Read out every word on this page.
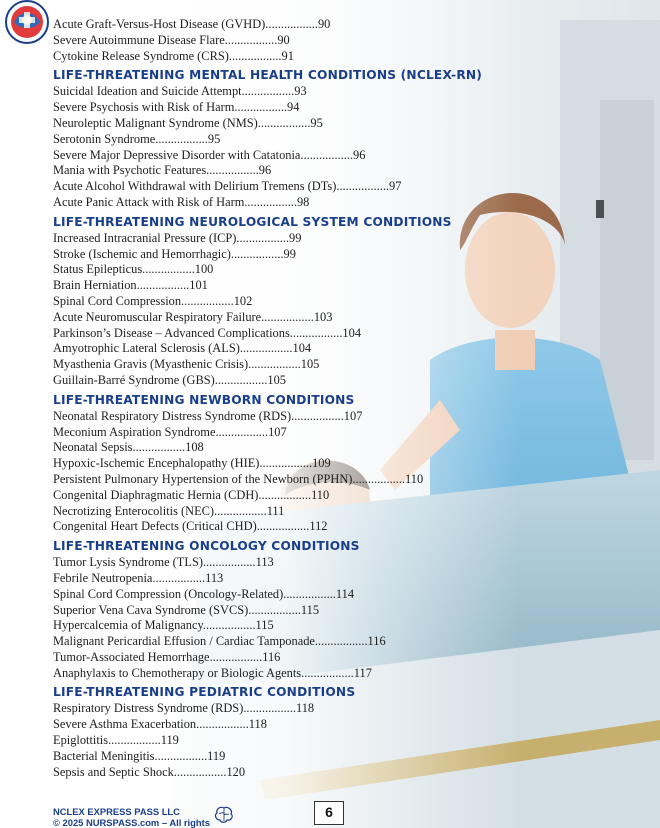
Acute Graft-Versus-Host Disease (GVHD).................90
Severe Autoimmune Disease Flare.................90
Cytokine Release Syndrome (CRS).................91
LIFE-THREATENING MENTAL HEALTH CONDITIONS (NCLEX-RN)
Suicidal Ideation and Suicide Attempt.................93
Severe Psychosis with Risk of Harm.................94
Neuroleptic Malignant Syndrome (NMS).................95
Serotonin Syndrome.................95
Severe Major Depressive Disorder with Catatonia.................96
Mania with Psychotic Features.................96
Acute Alcohol Withdrawal with Delirium Tremens (DTs).................97
Acute Panic Attack with Risk of Harm.................98
LIFE-THREATENING NEUROLOGICAL SYSTEM CONDITIONS
Increased Intracranial Pressure (ICP).................99
Stroke (Ischemic and Hemorrhagic).................99
Status Epilepticus.................100
Brain Herniation.................101
Spinal Cord Compression.................102
Acute Neuromuscular Respiratory Failure.................103
Parkinson’s Disease – Advanced Complications.................104
Amyotrophic Lateral Sclerosis (ALS).................104
Myasthenia Gravis (Myasthenic Crisis).................105
Guillain-Barré Syndrome (GBS).................105
LIFE-THREATENING NEWBORN CONDITIONS
Neonatal Respiratory Distress Syndrome (RDS).................107
Meconium Aspiration Syndrome.................107
Neonatal Sepsis.................108
Hypoxic-Ischemic Encephalopathy (HIE).................109
Persistent Pulmonary Hypertension of the Newborn (PPHN).................110
Congenital Diaphragmatic Hernia (CDH).................110
Necrotizing Enterocolitis (NEC).................111
Congenital Heart Defects (Critical CHD).................112
LIFE-THREATENING ONCOLOGY CONDITIONS
Tumor Lysis Syndrome (TLS).................113
Febrile Neutropenia.................113
Spinal Cord Compression (Oncology-Related).................114
Superior Vena Cava Syndrome (SVCS).................115
Hypercalcemia of Malignancy.................115
Malignant Pericardial Effusion / Cardiac Tamponade.................116
Tumor-Associated Hemorrhage.................116
Anaphylaxis to Chemotherapy or Biologic Agents.................117
LIFE-THREATENING PEDIATRIC CONDITIONS
Respiratory Distress Syndrome (RDS).................118
Severe Asthma Exacerbation.................118
Epiglottitis.................119
Bacterial Meningitis.................119
Sepsis and Septic Shock.................120
NCLEX EXPRESS PASS LLC
© 2025 NURSPASS.com – All rights
6
